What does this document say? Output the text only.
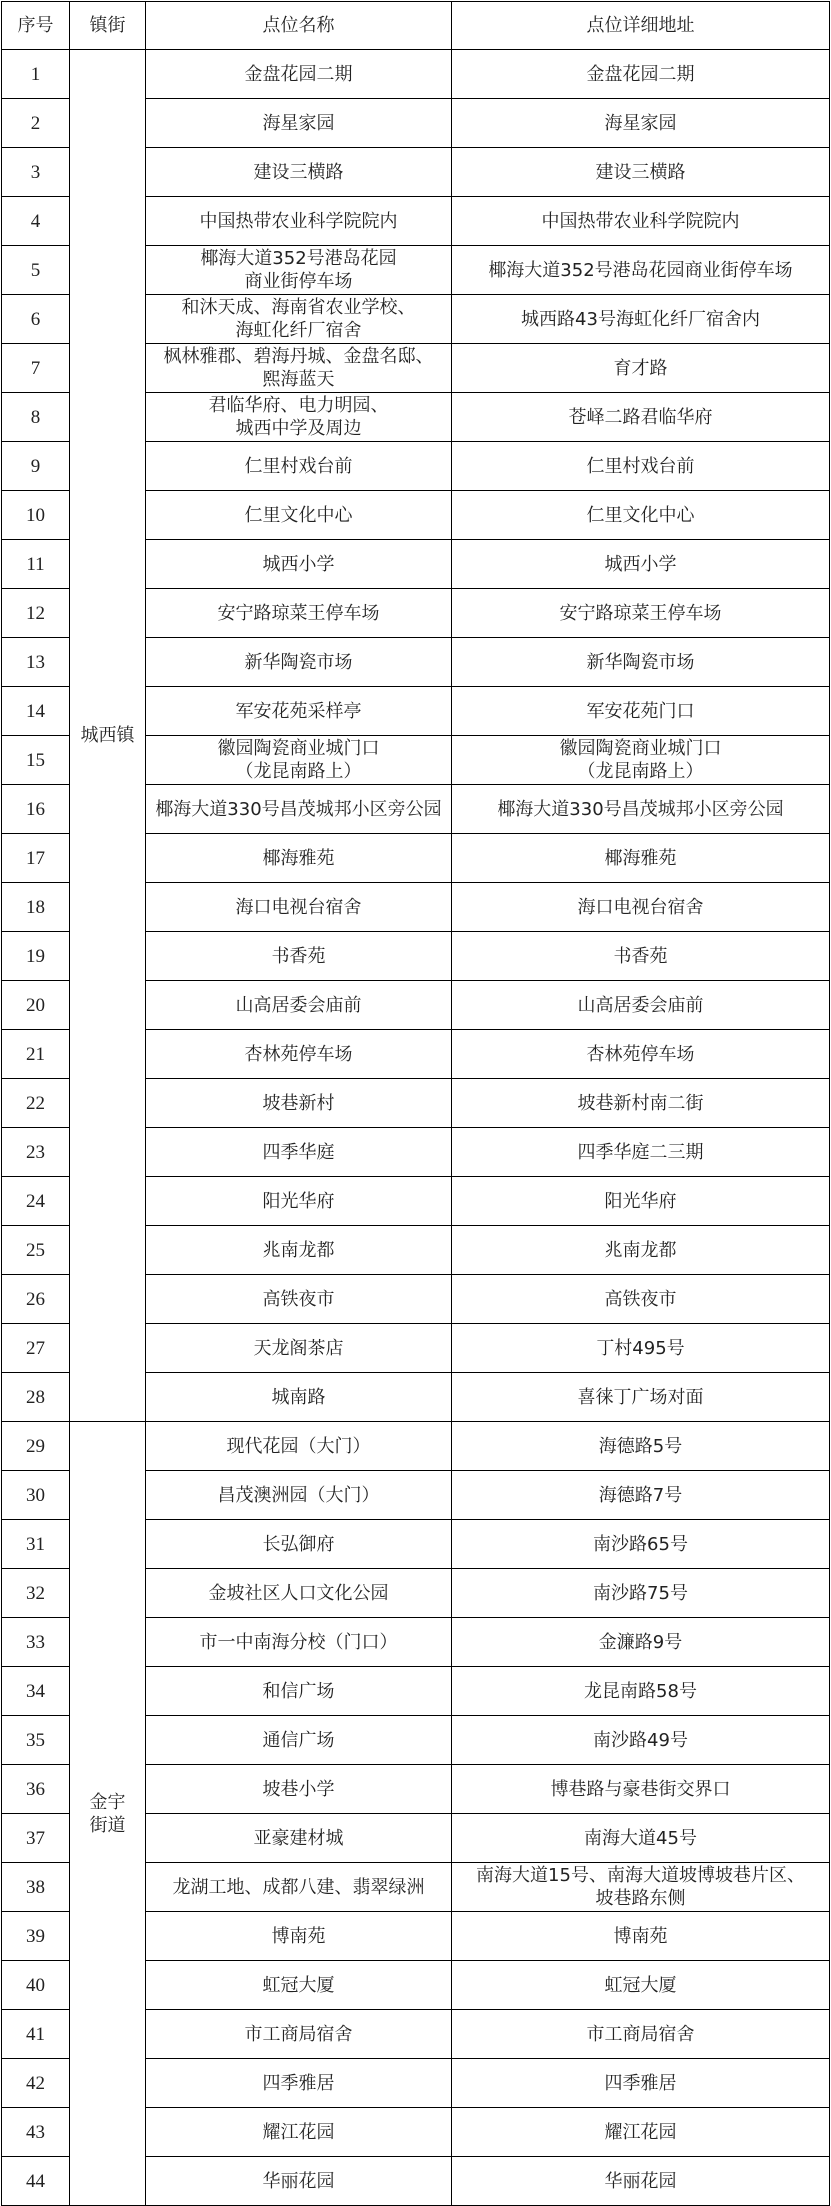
序号	镇街	点位名称	点位详细地址
1	城西镇	金盘花园二期	金盘花园二期
2		海星家园	海星家园
3		建设三横路	建设三横路
4		中国热带农业科学院院内	中国热带农业科学院院内
5		椰海大道352号港岛花园
商业街停车场	椰海大道352号港岛花园商业街停车场
6		和沐天成、海南省农业学校、
海虹化纤厂宿舍	城西路43号海虹化纤厂宿舍内
7		枫林雅郡、碧海丹城、金盘名邸、
熙海蓝天	育才路
8		君临华府、电力明园、
城西中学及周边	苍峄二路君临华府
9		仁里村戏台前	仁里村戏台前
10		仁里文化中心	仁里文化中心
11		城西小学	城西小学
12		安宁路琼菜王停车场	安宁路琼菜王停车场
13		新华陶瓷市场	新华陶瓷市场
14		军安花苑采样亭	军安花苑门口
15		徽园陶瓷商业城门口
（龙昆南路上）	徽园陶瓷商业城门口
（龙昆南路上）
16		椰海大道330号昌茂城邦小区旁公园	椰海大道330号昌茂城邦小区旁公园
17		椰海雅苑	椰海雅苑
18		海口电视台宿舍	海口电视台宿舍
19		书香苑	书香苑
20		山高居委会庙前	山高居委会庙前
21		杏林苑停车场	杏林苑停车场
22		坡巷新村	坡巷新村南二街
23		四季华庭	四季华庭二三期
24		阳光华府	阳光华府
25		兆南龙都	兆南龙都
26		高铁夜市	高铁夜市
27		天龙阁茶店	丁村495号
28		城南路	喜徕丁广场对面
29	金宇
街道	现代花园（大门）	海德路5号
30		昌茂澳洲园（大门）	海德路7号
31		长弘御府	南沙路65号
32		金坡社区人口文化公园	南沙路75号
33		市一中南海分校（门口）	金濂路9号
34		和信广场	龙昆南路58号
35		通信广场	南沙路49号
36		坡巷小学	博巷路与豪巷街交界口
37		亚豪建材城	南海大道45号
38		龙湖工地、成都八建、翡翠绿洲	南海大道15号、南海大道坡博坡巷片区、
坡巷路东侧
39		博南苑	博南苑
40		虹冠大厦	虹冠大厦
41		市工商局宿舍	市工商局宿舍
42		四季雅居	四季雅居
43		耀江花园	耀江花园
44		华丽花园	华丽花园
